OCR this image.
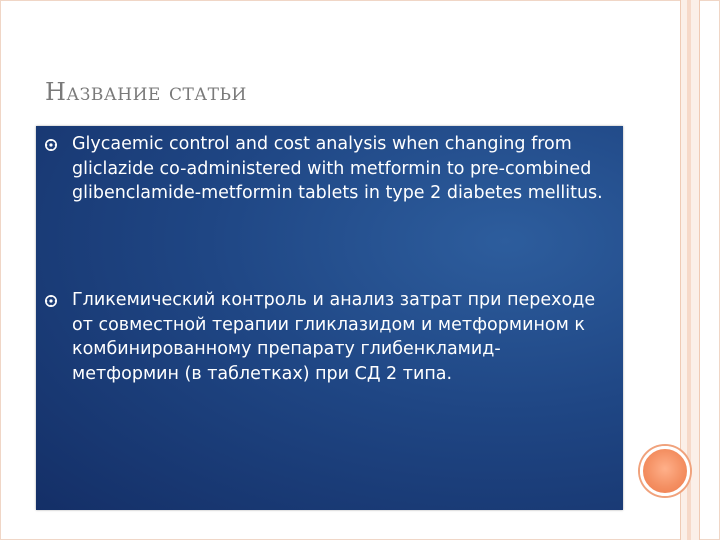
Название статьи
Glycaemic control and cost analysis when changing from gliclazide co-administered with metformin to pre-combined glibenclamide-metformin tablets in type 2 diabetes mellitus.
Гликемический контроль и анализ затрат при переходе от совместной терапии гликлазидом и метформином к комбинированному препарату глибенкламид- метформин (в таблетках) при СД 2 типа.
